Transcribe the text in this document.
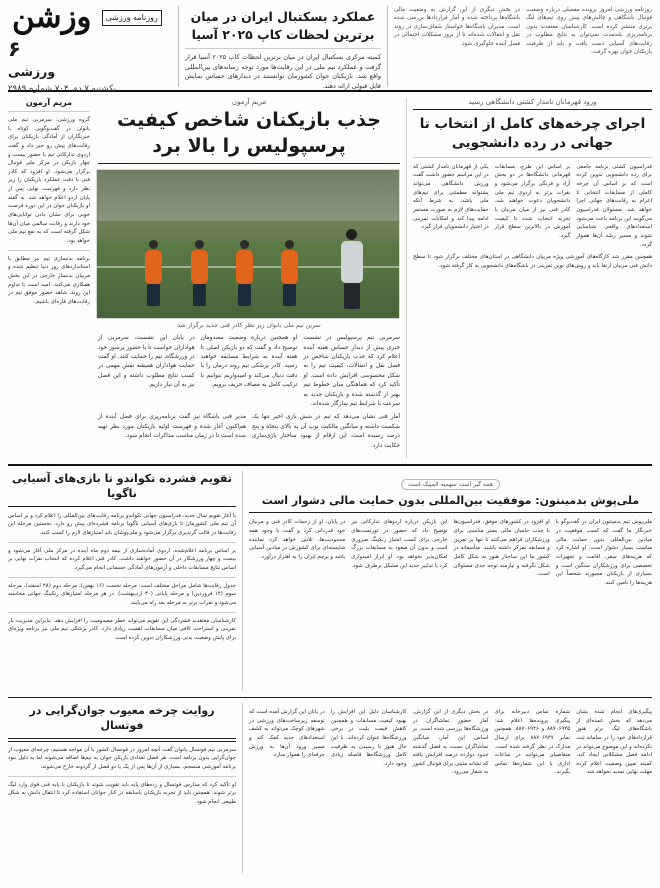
روزنامه ورزشی امروز پرونده مفصلی درباره وضعیت فوتبال باشگاهی و چالش‌های پیش روی تیم‌های لیگ برتری منتشر کرده است. کارشناسان معتقدند بدون برنامه‌ریزی بلندمدت نمی‌توان به نتایج مطلوب در رقابت‌های آسیایی دست یافت و باید از ظرفیت بازیکنان جوان بهره گرفت.
در بخش دیگری از این گزارش به وضعیت مالی باشگاه‌ها پرداخته شده و آمار قراردادها بررسی شده است. مدیران باشگاه‌ها خواستار شفاف‌سازی در روند نقل و انتقالات شده‌اند تا از بروز مشکلات احتمالی در فصل آینده جلوگیری شود.
عملکرد بسکتبال ایران در میان برترین لحظات کاپ ۲۰۲۵ آسیا
کمیته مرکزی بسکتبال ایران در میان برترین لحظات کاپ ۲۰۲۵ آسیا قرار گرفت و عملکرد تیم ملی در این رقابت‌ها مورد توجه رسانه‌های بین‌المللی واقع شد. بازیکنان جوان کشورمان توانستند در دیدارهای حساس نمایش قابل قبولی ارائه دهند.
روزنامه ورزشی
وزشن
۶
ورزشی
یکشنبه ۷ دی ۷۰۴ شماره ۲۹۸۹
ورود قهرمانان نامدار کشتی دانشگاهی رسید
اجرای چرخه‌های کامل از انتخاب تا جهانی در رده دانشجویی
فدراسیون کشتی برنامه جامعی برای رده دانشجویی تدوین کرده است که بر اساس آن چرخه کاملی از مسابقات انتخابی تا اعزام به رقابت‌های جهانی اجرا خواهد شد. مسئولان فدراسیون می‌گویند این برنامه باعث می‌شود استعدادهای واقعی شناسایی شوند و مسیر رشد آن‌ها هموار گردد.
بر اساس این طرح، مسابقات قهرمانی دانشگاه‌ها در دو بخش آزاد و فرنگی برگزار می‌شود و نفرات برتر به اردوی تیم ملی دانشجویان دعوت خواهند شد. کادر فنی نیز از میان مربیان با تجربه انتخاب شده تا کیفیت آموزش در بالاترین سطح قرار گیرد.
یکی از قهرمانان نامدار کشتی که در این مراسم حضور داشت گفت ورزش دانشگاهی می‌تواند پشتوانه مطمئنی برای تیم‌های ملی باشد، به شرط آنکه حمایت‌های لازم به صورت مستمر ادامه پیدا کند و امکانات تمرینی در اختیار دانشجویان قرار گیرد.
همچنین مقرر شد کارگاه‌های آموزشی ویژه مربیان دانشگاهی در استان‌های مختلف برگزار شود تا سطح دانش فنی مربیان ارتقا یابد و روش‌های نوین تمرینی در باشگاه‌های دانشجویی به کار گرفته شود.
مریم آرمون
جذب بازیکنان شاخص کیفیت پرسپولیس را بالا برد
تمرین تیم ملی بانوان زیر نظر کادر فنی جدید برگزار شد
سرمربی تیم پرسپولیس در نشست خبری پیش از دیدار حساس هفته آینده اعلام کرد که جذب بازیکنان شاخص در فصل نقل و انتقالات، کیفیت تیم را به شکل محسوسی افزایش داده است. او تأکید کرد که هماهنگی میان خطوط تیم بهتر از گذشته شده و بازیکنان جدید به سرعت با شرایط تیم سازگار شده‌اند.
او همچنین درباره وضعیت مصدومان توضیح داد و گفت که دو بازیکن اصلی تا هفته آینده به شرایط مسابقه خواهند رسید. کادر پزشکی تیم روند درمان را با دقت دنبال می‌کند و امیدواریم بتوانیم با ترکیب کامل به مصاف حریف برویم.
در پایان این نشست، سرمربی از هواداران خواست تا با حضور پرشور خود در ورزشگاه، تیم را حمایت کنند. او گفت حمایت هواداران همیشه نقش مهمی در کسب نتایج مطلوب داشته و این فصل نیز به آن نیاز داریم.
آمار فنی نشان می‌دهد که تیم در شش بازی اخیر تنها یک شکست داشته و میانگین مالکیت توپ آن به بالای پنجاه و پنج درصد رسیده است. این ارقام از بهبود ساختار بازی‌سازی حکایت دارد.
مدیر فنی باشگاه نیز گفت برنامه‌ریزی برای فصل آینده از هم‌اکنون آغاز شده و فهرست اولیه بازیکنان مورد نظر تهیه شده است تا در زمان مناسب مذاکرات انجام شود.
مریم آرمون
گروه ورزشی: سرمربی تیم ملی بانوان در گفت‌وگویی کوتاه با خبرنگاران از آمادگی بازیکنان برای رقابت‌های پیش رو خبر داد و گفت اردوی تدارکاتی تیم با حضور بیست و چهار بازیکن در مرکز ملی فوتبال برگزار می‌شود. او افزود که کادر فنی با دقت عملکرد بازیکنان را زیر نظر دارد و فهرست نهایی پس از پایان اردو اعلام خواهد شد. به گفته او بازیکنان جوان در این دوره فرصت خوبی برای نشان دادن توانایی‌های خود دارند و رقابت سالمی میان آن‌ها شکل گرفته است که به نفع تیم ملی خواهد بود.
برنامه بدنسازی تیم نیز مطابق با استانداردهای روز دنیا تنظیم شده و مربیان بدنساز خارجی در این بخش همکاری می‌کنند. امید است با تداوم این روند، شاهد حضور موفق تیم در رقابت‌های قاره‌ای باشیم.
همه گیر است سهمیه المپیک است
ملی‌پوش بدمینتون: موفقیت بین‌المللی بدون حمایت مالی دشوار است
ملی‌پوش تیم بدمینتون ایران در گفت‌وگو با خبرنگار ما گفت که کسب موفقیت در میادین بین‌المللی بدون حمایت مالی مناسب بسیار دشوار است. او اشاره کرد که هزینه‌های سفر، اقامت و تجهیزات تخصصی برای ورزشکاران سنگین است و بسیاری از بازیکنان مجبورند شخصاً این هزینه‌ها را تأمین کنند.
او افزود در کشورهای موفق، فدراسیون‌ها با جذب حامیان مالی بستر مناسبی برای ورزشکاران فراهم می‌کنند تا تنها بر تمرین و مسابقه تمرکز داشته باشند. متأسفانه در کشور ما این ساختار هنوز به شکل کامل شکل نگرفته و نیازمند توجه جدی مسئولان است.
این بازیکن درباره اردوهای تدارکاتی نیز توضیح داد که حضور در تورنمنت‌های خارجی برای کسب امتیاز رنکینگ ضروری است و بدون آن صعود به مسابقات بزرگ امکان‌پذیر نخواهد بود. او ابراز امیدواری کرد با تدابیر جدید این مشکل برطرف شود.
در پایان، او از زحمات کادر فنی و مربیان خود قدردانی کرد و گفت با وجود همه محدودیت‌ها، تلاش خواهد کرد نماینده شایسته‌ای برای کشورش در میادین آسیایی باشد و پرچم ایران را به اهتزاز درآورد.
تقویم فشرده تکواندو تا بازی‌های آسیایی ناگویا
با آغاز تقویم سال جدید، فدراسیون جهانی تکواندو برنامه رقابت‌های بین‌المللی را اعلام کرد و بر اساس آن تیم ملی کشورمان تا بازی‌های آسیایی ناگویا برنامه فشرده‌ای پیش رو دارد. نخستین مرحله این رقابت‌ها در قالب گرندپری برگزار می‌شود و ملی‌پوشان باید امتیازهای لازم را کسب کنند.
بر اساس برنامه اعلام‌شده، اردوی آماده‌سازی از نیمه دوم ماه آینده در مرکز ملی آغاز می‌شود و بیست و چهار ورزشکار در آن حضور خواهند داشت. کادر فنی اعلام کرده که انتخاب نفرات نهایی بر اساس نتایج مسابقات داخلی و آزمون‌های آمادگی جسمانی انجام می‌گیرد.
جدول رقابت‌ها شامل مراحل مختلف است: مرحله نخست (۱۶ بهمن)، مرحله دوم (۲۸ اسفند)، مرحله سوم (۱۴ فروردین) و مرحله پایانی (۳۰ اردیبهشت). در هر مرحله امتیازهای رنکینگ جهانی محاسبه می‌شود و نفرات برتر به مرحله بعد راه می‌یابند.
کارشناسان معتقدند فشردگی این تقویم می‌تواند خطر مصدومیت را افزایش دهد، بنابراین مدیریت بار تمرینی و استراحت کافی میان مسابقات اهمیت زیادی دارد. کادر پزشکی تیم ملی نیز برنامه ویژه‌ای برای پایش وضعیت بدنی ورزشکاران تدوین کرده است.
پیگیری‌های انجام شده نشان می‌دهد که بخش عمده‌ای از باشگاه‌های لیگ برتر هنوز قراردادهای خود را در سامانه ثبت نکرده‌اند و این موضوع می‌تواند در ادامه فصل مشکلاتی ایجاد کند. کمیته تعیین وضعیت اعلام کرده مهلت نهایی تمدید نخواهد شد.
شماره تماس دبیرخانه برای پیگیری پرونده‌ها اعلام شد: ۸۸۷۰۶۹۴۵ و ۸۸۷۰۶۹۴۶. همچنین نمابر ۸۸۷۰۶۹۴۷ برای ارسال مدارک در نظر گرفته شده است. متقاضیان می‌توانند در ساعات اداری با این شماره‌ها تماس بگیرند.
در بخش دیگری از این گزارش، آمار حضور تماشاگران در ورزشگاه‌ها بررسی شده است. بر اساس این آمار، میانگین تماشاگران نسبت به فصل گذشته حدود دوازده درصد افزایش یافته که نشانه مثبتی برای فوتبال کشور به شمار می‌رود.
کارشناسان دلیل این افزایش را بهبود کیفیت مسابقات و همچنین کاهش قیمت بلیت در برخی ورزشگاه‌ها عنوان کرده‌اند. با این حال هنوز تا رسیدن به ظرفیت کامل ورزشگاه‌ها فاصله زیادی وجود دارد.
در پایان این گزارش آمده است که توسعه زیرساخت‌های ورزشی در شهرهای کوچک می‌تواند به کشف استعدادهای جدید کمک کند و مسیر ورود آن‌ها به ورزش حرفه‌ای را هموار سازد.
روایت چرخه معیوب جوان‌گرایی در فوتسال
سرمربی تیم فوتسال بانوان گفت آنچه امروز در فوتسال کشور با آن مواجه هستیم، چرخه‌ای معیوب از جوان‌گرایی بدون برنامه است. هر فصل تعدادی بازیکن جوان به تیم‌ها اضافه می‌شوند اما به دلیل نبود برنامه آموزشی منسجم، بسیاری از آن‌ها پس از یک یا دو فصل از گردونه خارج می‌شوند.
او تأکید کرد که مدارس فوتسال و رده‌های پایه باید تقویت شوند تا بازیکنان با پایه فنی قوی وارد لیگ برتر شوند. همچنین باید از تجربه بازیکنان باسابقه در کنار جوانان استفاده کرد تا انتقال دانش به شکل طبیعی انجام شود.
